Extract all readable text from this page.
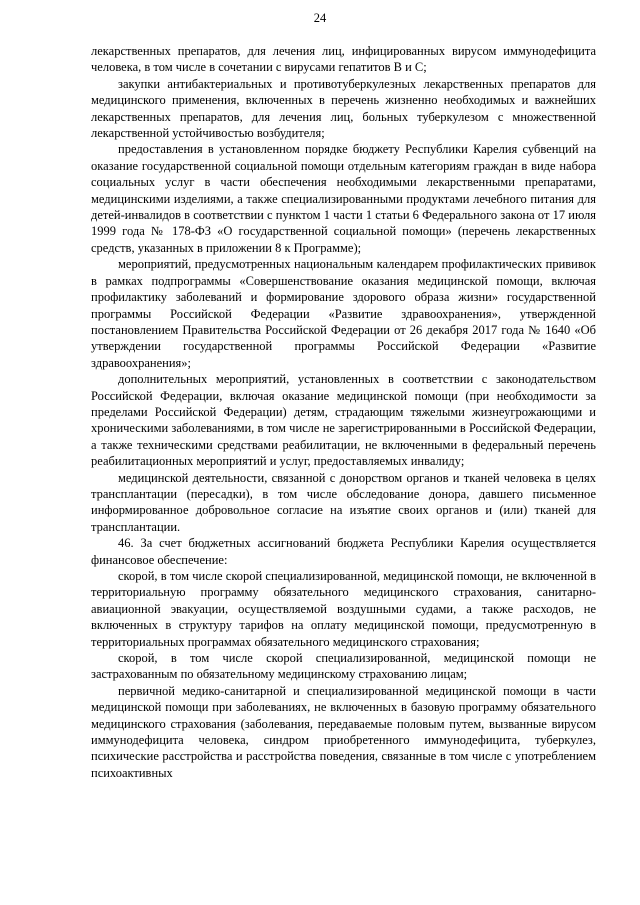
24

лекарственных препаратов, для лечения лиц, инфицированных вирусом иммунодефицита человека, в том числе в сочетании с вирусами гепатитов B и C;

закупки антибактериальных и противотуберкулезных лекарственных препаратов для медицинского применения, включенных в перечень жизненно необходимых и важнейших лекарственных препаратов, для лечения лиц, больных туберкулезом с множественной лекарственной устойчивостью возбудителя;

предоставления в установленном порядке бюджету Республики Карелия субвенций на оказание государственной социальной помощи отдельным категориям граждан в виде набора социальных услуг в части обеспечения необходимыми лекарственными препаратами, медицинскими изделиями, а также специализированными продуктами лечебного питания для детей-инвалидов в соответствии с пунктом 1 части 1 статьи 6 Федерального закона от 17 июля 1999 года № 178-ФЗ «О государственной социальной помощи» (перечень лекарственных средств, указанных в приложении 8 к Программе);

мероприятий, предусмотренных национальным календарем профилактических прививок в рамках подпрограммы «Совершенствование оказания медицинской помощи, включая профилактику заболеваний и формирование здорового образа жизни» государственной программы Российской Федерации «Развитие здравоохранения», утвержденной постановлением Правительства Российской Федерации от 26 декабря 2017 года № 1640 «Об утверждении государственной программы Российской Федерации «Развитие здравоохранения»;

дополнительных мероприятий, установленных в соответствии с законодательством Российской Федерации, включая оказание медицинской помощи (при необходимости за пределами Российской Федерации) детям, страдающим тяжелыми жизнеугрожающими и хроническими заболеваниями, в том числе не зарегистрированными в Российской Федерации, а также техническими средствами реабилитации, не включенными в федеральный перечень реабилитационных мероприятий и услуг, предоставляемых инвалиду;

медицинской деятельности, связанной с донорством органов и тканей человека в целях трансплантации (пересадки), в том числе обследование донора, давшего письменное информированное добровольное согласие на изъятие своих органов и (или) тканей для трансплантации.

46. За счет бюджетных ассигнований бюджета Республики Карелия осуществляется финансовое обеспечение:

скорой, в том числе скорой специализированной, медицинской помощи, не включенной в территориальную программу обязательного медицинского страхования, санитарно-авиационной эвакуации, осуществляемой воздушными судами, а также расходов, не включенных в структуру тарифов на оплату медицинской помощи, предусмотренную в территориальных программах обязательного медицинского страхования;

скорой, в том числе скорой специализированной, медицинской помощи не застрахованным по обязательному медицинскому страхованию лицам;

первичной медико-санитарной и специализированной медицинской помощи в части медицинской помощи при заболеваниях, не включенных в базовую программу обязательного медицинского страхования (заболевания, передаваемые половым путем, вызванные вирусом иммунодефицита человека, синдром приобретенного иммунодефицита, туберкулез, психические расстройства и расстройства поведения, связанные в том числе с употреблением психоактивных
